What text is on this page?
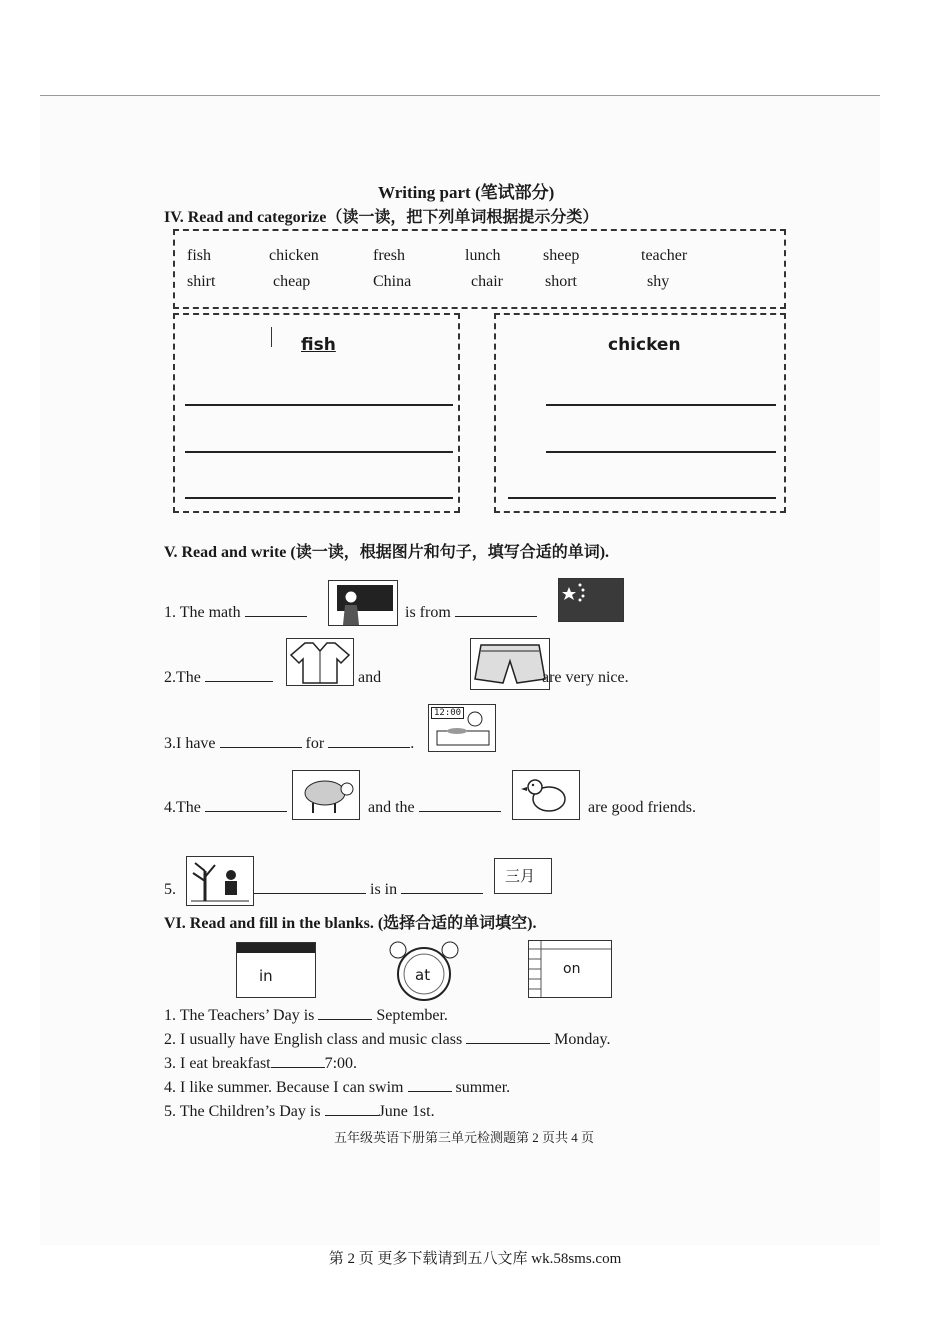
Writing part (笔试部分)
IV. Read and categorize（读一读，把下列单词根据提示分类）
fish	chicken	fresh	lunch	sheep	teacher
shirt	cheap	China	chair	short	shy
fish	chicken
V. Read and write (读一读，根据图片和句子，填写合适的单词).
1. The math	is from
2.The	and	are very nice.
3.I have	for	.
12:00
4.The	and the	are good friends.
5.	is in
三月
VI. Read and fill in the blanks. (选择合适的单词填空).
in	at	on
1. The Teachers’ Day is	September.
2. I usually have English class and music class	Monday.
3. I eat breakfast	7:00.
4. I like summer. Because I can swim	summer.
5. The Children’s Day is	June 1st.
五年级英语下册第三单元检测题第 2 页共 4 页
第 2 页 更多下载请到五八文库 wk.58sms.com
